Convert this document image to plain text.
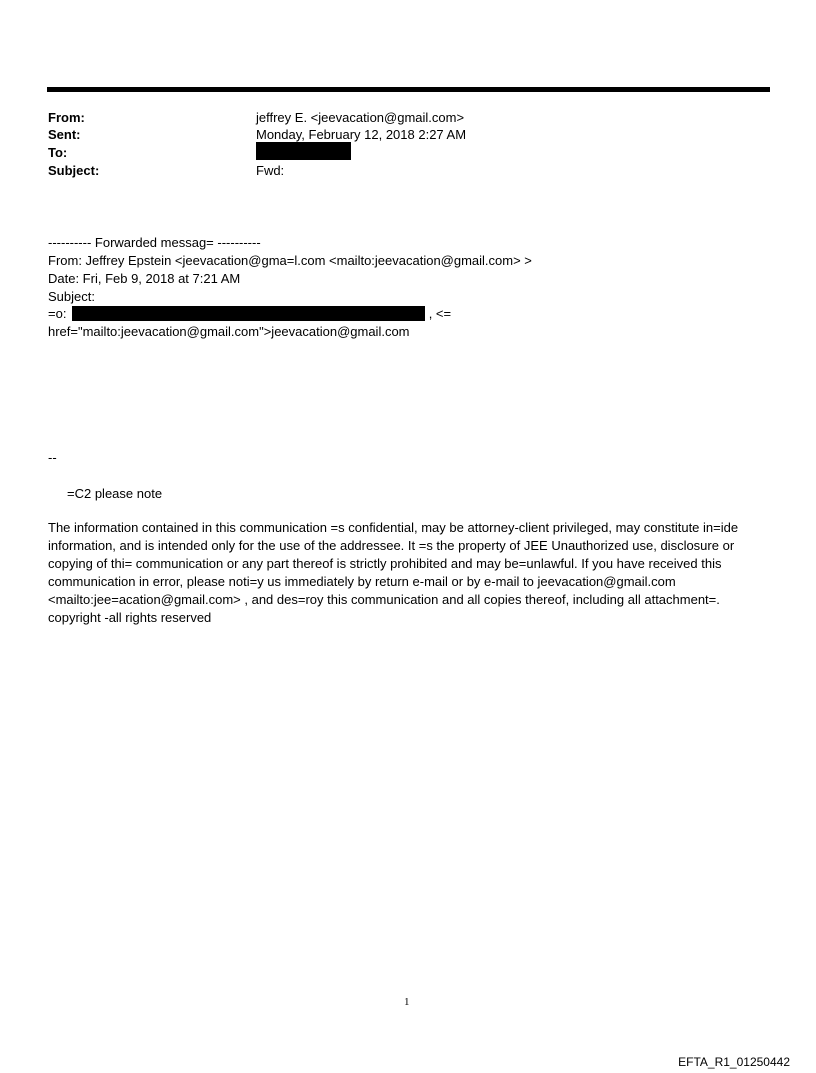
From:	jeffrey E. <jeevacation@gmail.com>
Sent:	Monday, February 12, 2018 2:27 AM
To:
Subject:	Fwd:
---------- Forwarded messag= ----------
From: Jeffrey Epstein <jeevacation@gma=l.com <mailto:jeevacation@gmail.com> >
Date: Fri, Feb 9, 2018 at 7:21 AM
Subject:
=o:	, <=
href="mailto:jeevacation@gmail.com">jeevacation@gmail.com
--
=C2 please note
The information contained in this communication =s confidential, may be attorney-client privileged, may constitute in=ide information, and is intended only for the use of the addressee. It =s the property of JEE Unauthorized use, disclosure or copying of thi= communication or any part thereof is strictly prohibited and may be=unlawful. If you have received this communication in error, please noti=y us immediately by return e-mail or by e-mail to jeevacation@gmail.com <mailto:jee=acation@gmail.com> , and des=roy this communication and all copies thereof, including all attachment=. copyright -all rights reserved
1
EFTA_R1_01250442
